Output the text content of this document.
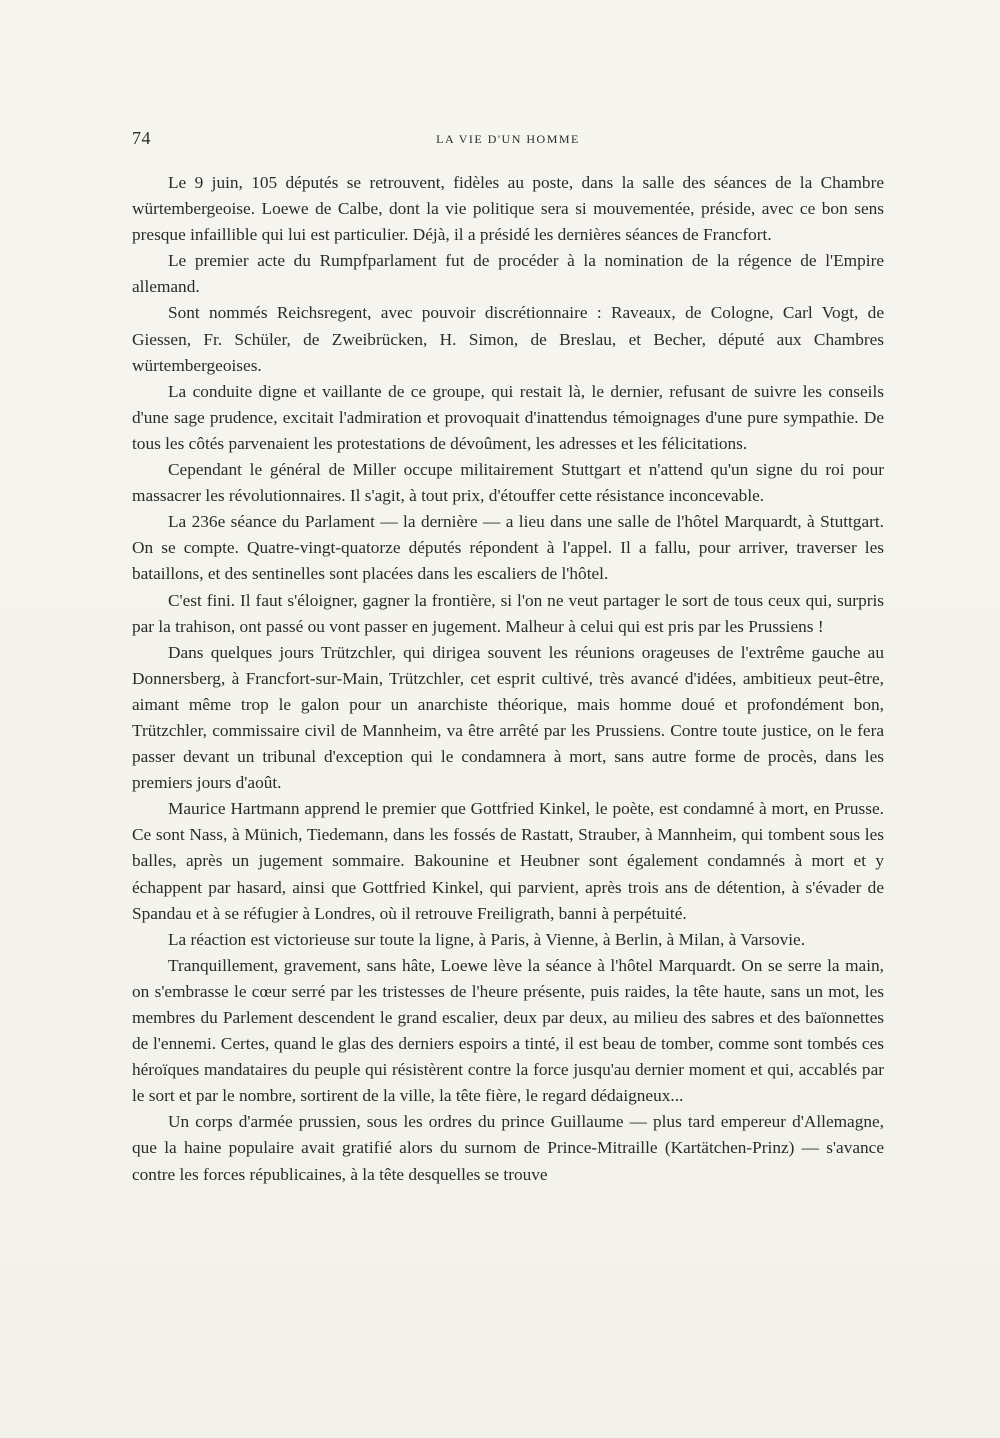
74	LA VIE D'UN HOMME

Le 9 juin, 105 députés se retrouvent, fidèles au poste, dans la salle des séances de la Chambre würtembergeoise. Loewe de Calbe, dont la vie politique sera si mouvementée, préside, avec ce bon sens presque infaillible qui lui est particulier. Déjà, il a présidé les dernières séances de Francfort.

Le premier acte du Rumpfparlament fut de procéder à la nomination de la régence de l'Empire allemand.

Sont nommés Reichsregent, avec pouvoir discrétionnaire : Raveaux, de Cologne, Carl Vogt, de Giessen, Fr. Schüler, de Zweibrücken, H. Simon, de Breslau, et Becher, député aux Chambres würtembergeoises.

La conduite digne et vaillante de ce groupe, qui restait là, le dernier, refusant de suivre les conseils d'une sage prudence, excitait l'admiration et provoquait d'inattendus témoignages d'une pure sympathie. De tous les côtés parvenaient les protestations de dévoûment, les adresses et les félicitations.

Cependant le général de Miller occupe militairement Stuttgart et n'attend qu'un signe du roi pour massacrer les révolutionnaires. Il s'agit, à tout prix, d'étouffer cette résistance inconcevable.

La 236e séance du Parlament — la dernière — a lieu dans une salle de l'hôtel Marquardt, à Stuttgart. On se compte. Quatre-vingt-quatorze députés répondent à l'appel. Il a fallu, pour arriver, traverser les bataillons, et des sentinelles sont placées dans les escaliers de l'hôtel.

C'est fini. Il faut s'éloigner, gagner la frontière, si l'on ne veut partager le sort de tous ceux qui, surpris par la trahison, ont passé ou vont passer en jugement. Malheur à celui qui est pris par les Prussiens !

Dans quelques jours Trützchler, qui dirigea souvent les réunions orageuses de l'extrême gauche au Donnersberg, à Francfort-sur-Main, Trützchler, cet esprit cultivé, très avancé d'idées, ambitieux peut-être, aimant même trop le galon pour un anarchiste théorique, mais homme doué et profondément bon, Trützchler, commissaire civil de Mannheim, va être arrêté par les Prussiens. Contre toute justice, on le fera passer devant un tribunal d'exception qui le condamnera à mort, sans autre forme de procès, dans les premiers jours d'août.

Maurice Hartmann apprend le premier que Gottfried Kinkel, le poète, est condamné à mort, en Prusse. Ce sont Nass, à Münich, Tiedemann, dans les fossés de Rastatt, Strauber, à Mannheim, qui tombent sous les balles, après un jugement sommaire. Bakounine et Heubner sont également condamnés à mort et y échappent par hasard, ainsi que Gottfried Kinkel, qui parvient, après trois ans de détention, à s'évader de Spandau et à se réfugier à Londres, où il retrouve Freiligrath, banni à perpétuité.

La réaction est victorieuse sur toute la ligne, à Paris, à Vienne, à Berlin, à Milan, à Varsovie.

Tranquillement, gravement, sans hâte, Loewe lève la séance à l'hôtel Marquardt. On se serre la main, on s'embrasse le cœur serré par les tristesses de l'heure présente, puis raides, la tête haute, sans un mot, les membres du Parlement descendent le grand escalier, deux par deux, au milieu des sabres et des baïonnettes de l'ennemi. Certes, quand le glas des derniers espoirs a tinté, il est beau de tomber, comme sont tombés ces héroïques mandataires du peuple qui résistèrent contre la force jusqu'au dernier moment et qui, accablés par le sort et par le nombre, sortirent de la ville, la tête fière, le regard dédaigneux...

Un corps d'armée prussien, sous les ordres du prince Guillaume — plus tard empereur d'Allemagne, que la haine populaire avait gratifié alors du surnom de Prince-Mitraille (Kartätchen-Prinz) — s'avance contre les forces républicaines, à la tête desquelles se trouve
